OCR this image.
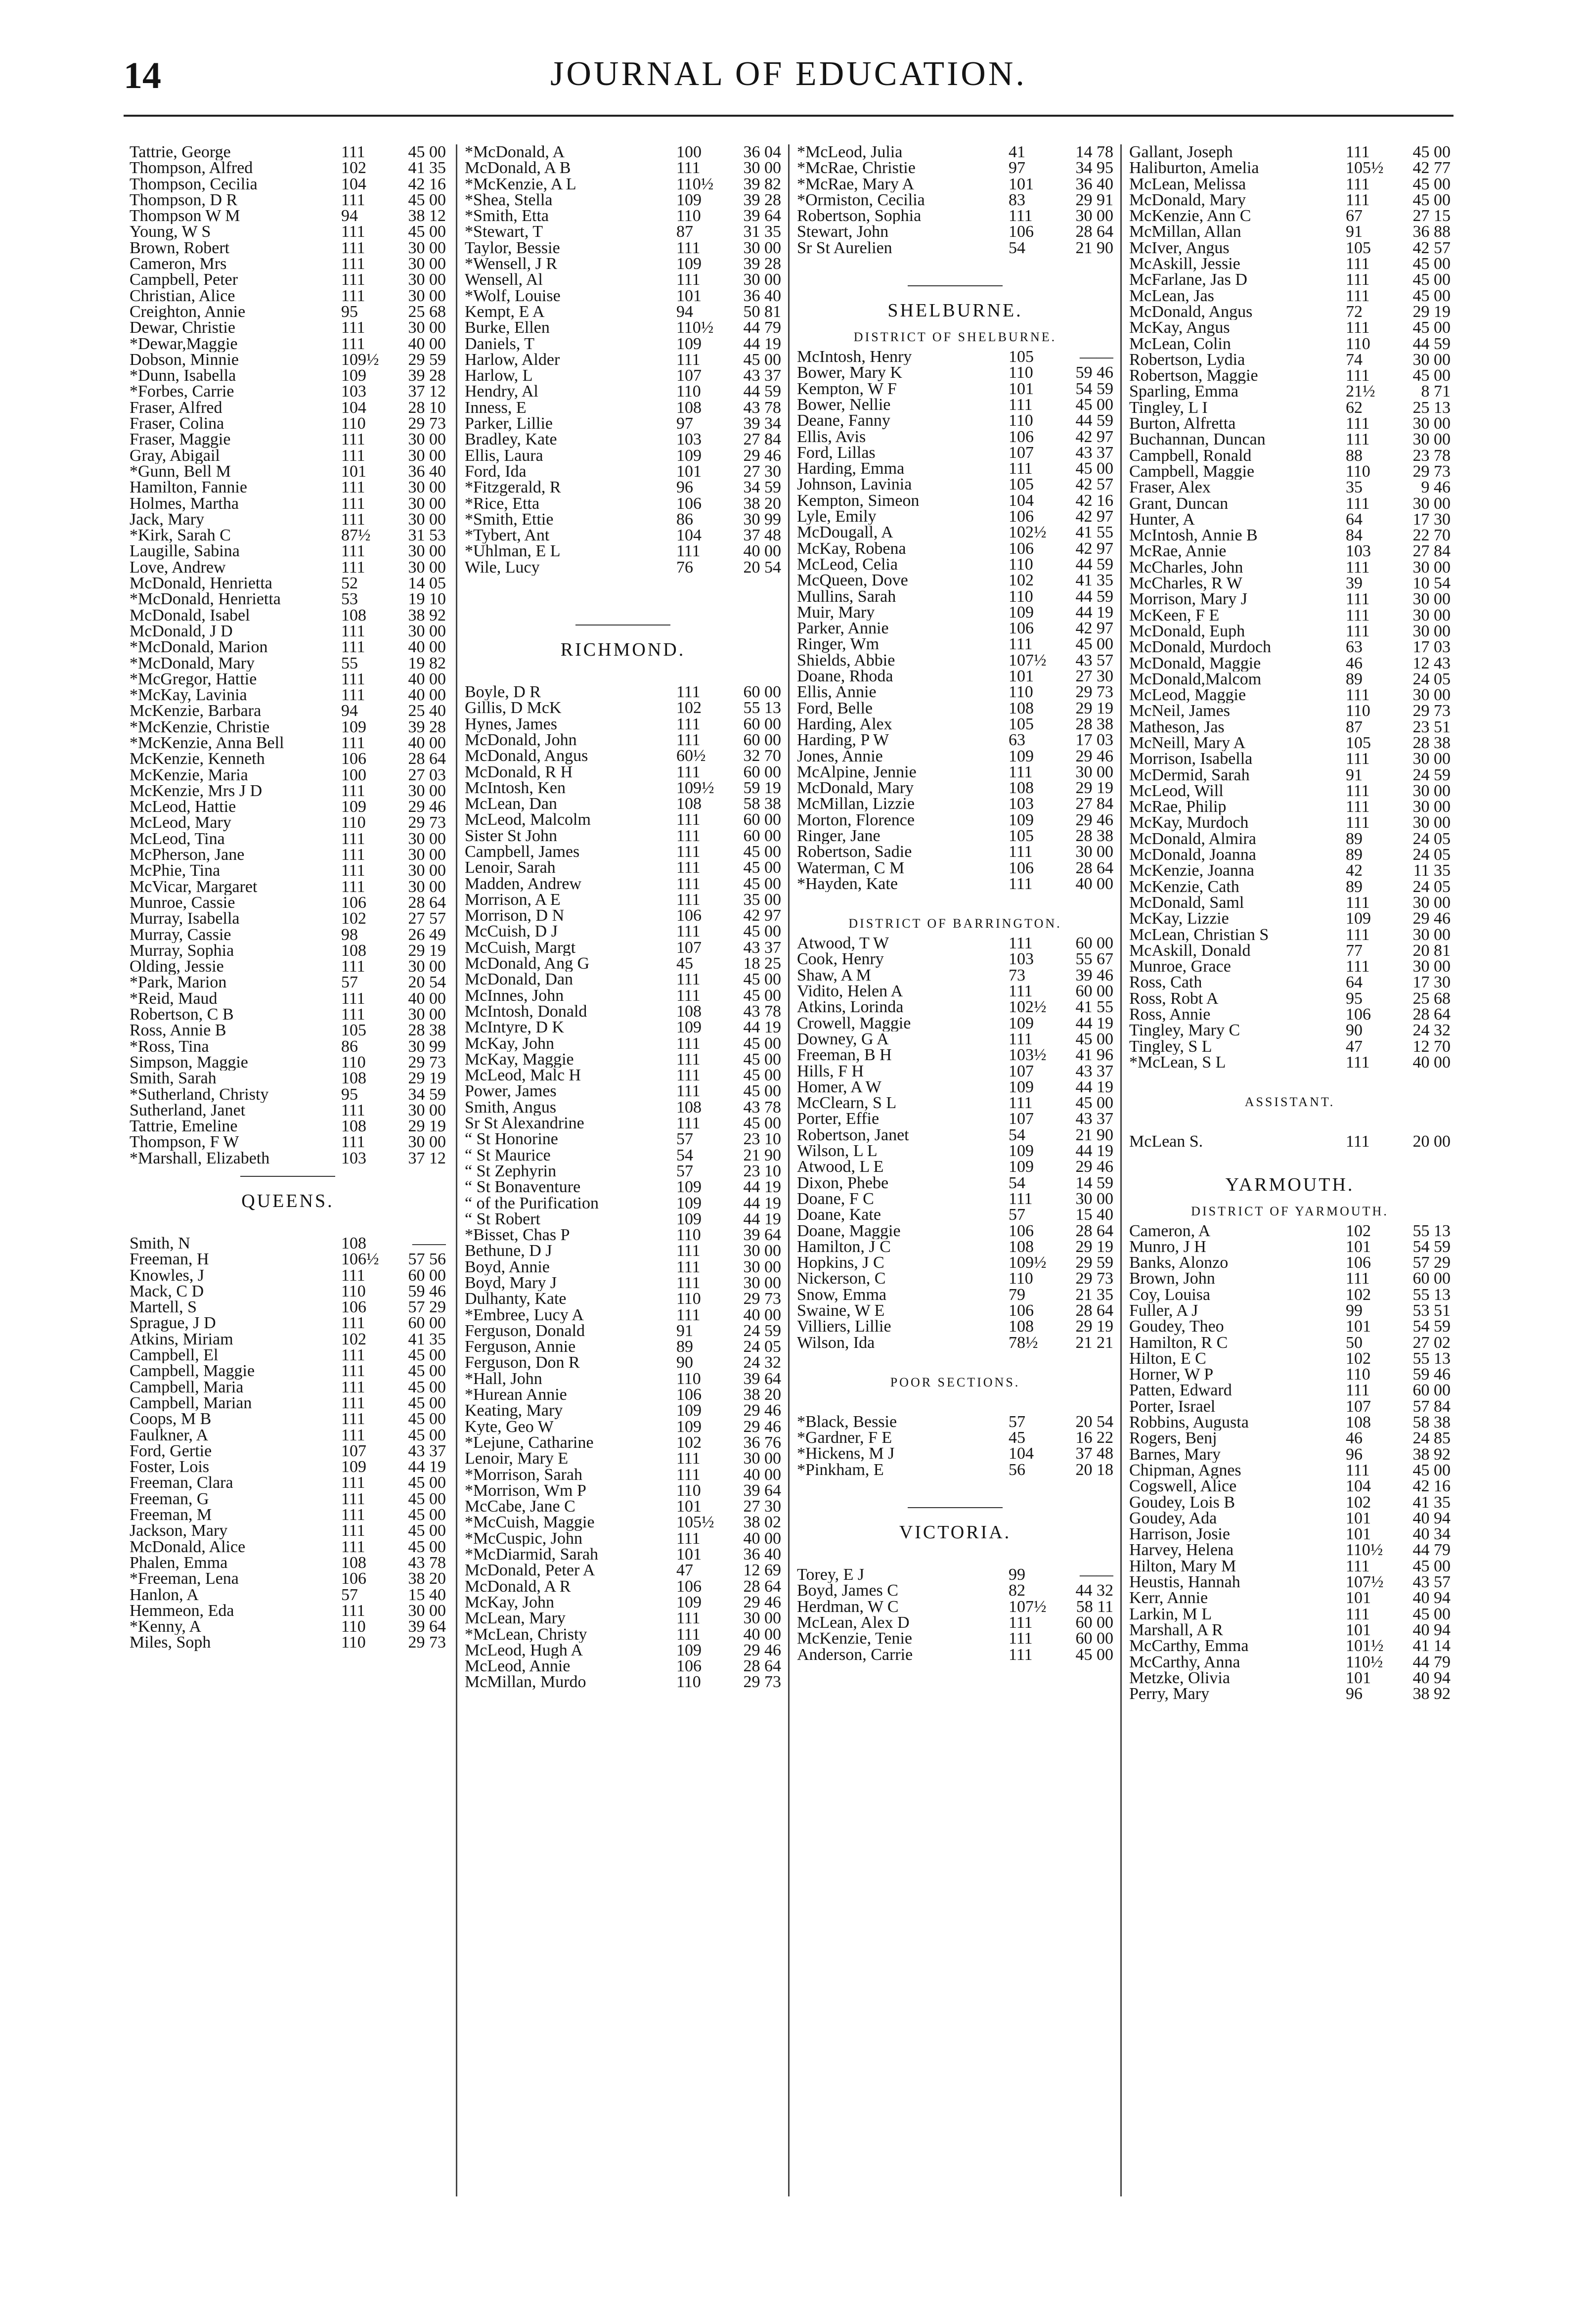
14	JOURNAL OF EDUCATION.
Tattrie, George	111	45 00
Thompson, Alfred	102	41 35
Thompson, Cecilia	104	42 16
Thompson, D R	111	45 00
Thompson W M	94	38 12
Young, W S	111	45 00
Brown, Robert	111	30 00
Cameron, Mrs	111	30 00
Campbell, Peter	111	30 00
Christian, Alice	111	30 00
Creighton, Annie	95	25 68
Dewar, Christie	111	30 00
*Dewar,Maggie	111	40 00
Dobson, Minnie	109½	29 59
*Dunn, Isabella	109	39 28
*Forbes, Carrie	103	37 12
Fraser, Alfred	104	28 10
Fraser, Colina	110	29 73
Fraser, Maggie	111	30 00
Gray, Abigail	111	30 00
*Gunn, Bell M	101	36 40
Hamilton, Fannie	111	30 00
Holmes, Martha	111	30 00
Jack, Mary	111	30 00
*Kirk, Sarah C	87½	31 53
Laugille, Sabina	111	30 00
Love, Andrew	111	30 00
McDonald, Henrietta	52	14 05
*McDonald, Henrietta	53	19 10
McDonald, Isabel	108	38 92
McDonald, J D	111	30 00
*McDonald, Marion	111	40 00
*McDonald, Mary	55	19 82
*McGregor, Hattie	111	40 00
*McKay, Lavinia	111	40 00
McKenzie, Barbara	94	25 40
*McKenzie, Christie	109	39 28
*McKenzie, Anna Bell	111	40 00
McKenzie, Kenneth	106	28 64
McKenzie, Maria	100	27 03
McKenzie, Mrs J D	111	30 00
McLeod, Hattie	109	29 46
McLeod, Mary	110	29 73
McLeod, Tina	111	30 00
McPherson, Jane	111	30 00
McPhie, Tina	111	30 00
McVicar, Margaret	111	30 00
Munroe, Cassie	106	28 64
Murray, Isabella	102	27 57
Murray, Cassie	98	26 49
Murray, Sophia	108	29 19
Olding, Jessie	111	30 00
*Park, Marion	57	20 54
*Reid, Maud	111	40 00
Robertson, C B	111	30 00
Ross, Annie B	105	28 38
*Ross, Tina	86	30 99
Simpson, Maggie	110	29 73
Smith, Sarah	108	29 19
*Sutherland, Christy	95	34 59
Sutherland, Janet	111	30 00
Tattrie, Emeline	108	29 19
Thompson, F W	111	30 00
*Marshall, Elizabeth	103	37 12
QUEENS.
Smith, N	108	——
Freeman, H	106½	57 56
Knowles, J	111	60 00
Mack, C D	110	59 46
Martell, S	106	57 29
Sprague, J D	111	60 00
Atkins, Miriam	102	41 35
Campbell, El	111	45 00
Campbell, Maggie	111	45 00
Campbell, Maria	111	45 00
Campbell, Marian	111	45 00
Coops, M B	111	45 00
Faulkner, A	111	45 00
Ford, Gertie	107	43 37
Foster, Lois	109	44 19
Freeman, Clara	111	45 00
Freeman, G	111	45 00
Freeman, M	111	45 00
Jackson, Mary	111	45 00
McDonald, Alice	111	45 00
Phalen, Emma	108	43 78
*Freeman, Lena	106	38 20
Hanlon, A	57	15 40
Hemmeon, Eda	111	30 00
*Kenny, A	110	39 64
Miles, Soph	110	29 73
*McDonald, A	100	36 04
McDonald, A B	111	30 00
*McKenzie, A L	110½	39 82
*Shea, Stella	109	39 28
*Smith, Etta	110	39 64
*Stewart, T	87	31 35
Taylor, Bessie	111	30 00
*Wensell, J R	109	39 28
Wensell, Al	111	30 00
*Wolf, Louise	101	36 40
Kempt, E A	94	50 81
Burke, Ellen	110½	44 79
Daniels, T	109	44 19
Harlow, Alder	111	45 00
Harlow, L	107	43 37
Hendry, Al	110	44 59
Inness, E	108	43 78
Parker, Lillie	97	39 34
Bradley, Kate	103	27 84
Ellis, Laura	109	29 46
Ford, Ida	101	27 30
*Fitzgerald, R	96	34 59
*Rice, Etta	106	38 20
*Smith, Ettie	86	30 99
*Tybert, Ant	104	37 48
*Uhlman, E L	111	40 00
Wile, Lucy	76	20 54
RICHMOND.
Boyle, D R	111	60 00
Gillis, D McK	102	55 13
Hynes, James	111	60 00
McDonald, John	111	60 00
McDonald, Angus	60½	32 70
McDonald, R H	111	60 00
McIntosh, Ken	109½	59 19
McLean, Dan	108	58 38
McLeod, Malcolm	111	60 00
Sister St John	111	60 00
Campbell, James	111	45 00
Lenoir, Sarah	111	45 00
Madden, Andrew	111	45 00
Morrison, A E	111	35 00
Morrison, D N	106	42 97
McCuish, D J	111	45 00
McCuish, Margt	107	43 37
McDonald, Ang G	45	18 25
McDonald, Dan	111	45 00
McInnes, John	111	45 00
McIntosh, Donald	108	43 78
McIntyre, D K	109	44 19
McKay, John	111	45 00
McKay, Maggie	111	45 00
McLeod, Malc H	111	45 00
Power, James	111	45 00
Smith, Angus	108	43 78
Sr St Alexandrine	111	45 00
“ St Honorine	57	23 10
“ St Maurice	54	21 90
“ St Zephyrin	57	23 10
“ St Bonaventure	109	44 19
“ of the Purification	109	44 19
“ St Robert	109	44 19
*Bisset, Chas P	110	39 64
Bethune, D J	111	30 00
Boyd, Annie	111	30 00
Boyd, Mary J	111	30 00
Dulhanty, Kate	110	29 73
*Embree, Lucy A	111	40 00
Ferguson, Donald	91	24 59
Ferguson, Annie	89	24 05
Ferguson, Don R	90	24 32
*Hall, John	110	39 64
*Hurean Annie	106	38 20
Keating, Mary	109	29 46
Kyte, Geo W	109	29 46
*Lejune, Catharine	102	36 76
Lenoir, Mary E	111	30 00
*Morrison, Sarah	111	40 00
*Morrison, Wm P	110	39 64
McCabe, Jane C	101	27 30
*McCuish, Maggie	105½	38 02
*McCuspic, John	111	40 00
*McDiarmid, Sarah	101	36 40
McDonald, Peter A	47	12 69
McDonald, A R	106	28 64
McKay, John	109	29 46
McLean, Mary	111	30 00
*McLean, Christy	111	40 00
McLeod, Hugh A	109	29 46
McLeod, Annie	106	28 64
McMillan, Murdo	110	29 73
*McLeod, Julia	41	14 78
*McRae, Christie	97	34 95
*McRae, Mary A	101	36 40
*Ormiston, Cecilia	83	29 91
Robertson, Sophia	111	30 00
Stewart, John	106	28 64
Sr St Aurelien	54	21 90
SHELBURNE.
DISTRICT OF SHELBURNE.
McIntosh, Henry	105	——
Bower, Mary K	110	59 46
Kempton, W F	101	54 59
Bower, Nellie	111	45 00
Deane, Fanny	110	44 59
Ellis, Avis	106	42 97
Ford, Lillas	107	43 37
Harding, Emma	111	45 00
Johnson, Lavinia	105	42 57
Kempton, Simeon	104	42 16
Lyle, Emily	106	42 97
McDougall, A	102½	41 55
McKay, Robena	106	42 97
McLeod, Celia	110	44 59
McQueen, Dove	102	41 35
Mullins, Sarah	110	44 59
Muir, Mary	109	44 19
Parker, Annie	106	42 97
Ringer, Wm	111	45 00
Shields, Abbie	107½	43 57
Doane, Rhoda	101	27 30
Ellis, Annie	110	29 73
Ford, Belle	108	29 19
Harding, Alex	105	28 38
Harding, P W	63	17 03
Jones, Annie	109	29 46
McAlpine, Jennie	111	30 00
McDonald, Mary	108	29 19
McMillan, Lizzie	103	27 84
Morton, Florence	109	29 46
Ringer, Jane	105	28 38
Robertson, Sadie	111	30 00
Waterman, C M	106	28 64
*Hayden, Kate	111	40 00
DISTRICT OF BARRINGTON.
Atwood, T W	111	60 00
Cook, Henry	103	55 67
Shaw, A M	73	39 46
Vidito, Helen A	111	60 00
Atkins, Lorinda	102½	41 55
Crowell, Maggie	109	44 19
Downey, G A	111	45 00
Freeman, B H	103½	41 96
Hills, F H	107	43 37
Homer, A W	109	44 19
McClearn, S L	111	45 00
Porter, Effie	107	43 37
Robertson, Janet	54	21 90
Wilson, L L	109	44 19
Atwood, L E	109	29 46
Dixon, Phebe	54	14 59
Doane, F C	111	30 00
Doane, Kate	57	15 40
Doane, Maggie	106	28 64
Hamilton, J C	108	29 19
Hopkins, J C	109½	29 59
Nickerson, C	110	29 73
Snow, Emma	79	21 35
Swaine, W E	106	28 64
Villiers, Lillie	108	29 19
Wilson, Ida	78½	21 21
POOR SECTIONS.
*Black, Bessie	57	20 54
*Gardner, F E	45	16 22
*Hickens, M J	104	37 48
*Pinkham, E	56	20 18
VICTORIA.
Torey, E J	99	——
Boyd, James C	82	44 32
Herdman, W C	107½	58 11
McLean, Alex D	111	60 00
McKenzie, Tenie	111	60 00
Anderson, Carrie	111	45 00
Gallant, Joseph	111	45 00
Haliburton, Amelia	105½	42 77
McLean, Melissa	111	45 00
McDonald, Mary	111	45 00
McKenzie, Ann C	67	27 15
McMillan, Allan	91	36 88
McIver, Angus	105	42 57
McAskill, Jessie	111	45 00
McFarlane, Jas D	111	45 00
McLean, Jas	111	45 00
McDonald, Angus	72	29 19
McKay, Angus	111	45 00
McLean, Colin	110	44 59
Robertson, Lydia	74	30 00
Robertson, Maggie	111	45 00
Sparling, Emma	21½	8 71
Tingley, L I	62	25 13
Burton, Alfretta	111	30 00
Buchannan, Duncan	111	30 00
Campbell, Ronald	88	23 78
Campbell, Maggie	110	29 73
Fraser, Alex	35	9 46
Grant, Duncan	111	30 00
Hunter, A	64	17 30
McIntosh, Annie B	84	22 70
McRae, Annie	103	27 84
McCharles, John	111	30 00
McCharles, R W	39	10 54
Morrison, Mary J	111	30 00
McKeen, F E	111	30 00
McDonald, Euph	111	30 00
McDonald, Murdoch	63	17 03
McDonald, Maggie	46	12 43
McDonald,Malcom	89	24 05
McLeod, Maggie	111	30 00
McNeil, James	110	29 73
Matheson, Jas	87	23 51
McNeill, Mary A	105	28 38
Morrison, Isabella	111	30 00
McDermid, Sarah	91	24 59
McLeod, Will	111	30 00
McRae, Philip	111	30 00
McKay, Murdoch	111	30 00
McDonald, Almira	89	24 05
McDonald, Joanna	89	24 05
McKenzie, Joanna	42	11 35
McKenzie, Cath	89	24 05
McDonald, Saml	111	30 00
McKay, Lizzie	109	29 46
McLean, Christian S	111	30 00
McAskill, Donald	77	20 81
Munroe, Grace	111	30 00
Ross, Cath	64	17 30
Ross, Robt A	95	25 68
Ross, Annie	106	28 64
Tingley, Mary C	90	24 32
Tingley, S L	47	12 70
*McLean, S L	111	40 00
ASSISTANT.
McLean S.	111	20 00
YARMOUTH.
DISTRICT OF YARMOUTH.
Cameron, A	102	55 13
Munro, J H	101	54 59
Banks, Alonzo	106	57 29
Brown, John	111	60 00
Coy, Louisa	102	55 13
Fuller, A J	99	53 51
Goudey, Theo	101	54 59
Hamilton, R C	50	27 02
Hilton, E C	102	55 13
Horner, W P	110	59 46
Patten, Edward	111	60 00
Porter, Israel	107	57 84
Robbins, Augusta	108	58 38
Rogers, Benj	46	24 85
Barnes, Mary	96	38 92
Chipman, Agnes	111	45 00
Cogswell, Alice	104	42 16
Goudey, Lois B	102	41 35
Goudey, Ada	101	40 94
Harrison, Josie	101	40 34
Harvey, Helena	110½	44 79
Hilton, Mary M	111	45 00
Heustis, Hannah	107½	43 57
Kerr, Annie	101	40 94
Larkin, M L	111	45 00
Marshall, A R	101	40 94
McCarthy, Emma	101½	41 14
McCarthy, Anna	110½	44 79
Metzke, Olivia	101	40 94
Perry, Mary	96	38 92
